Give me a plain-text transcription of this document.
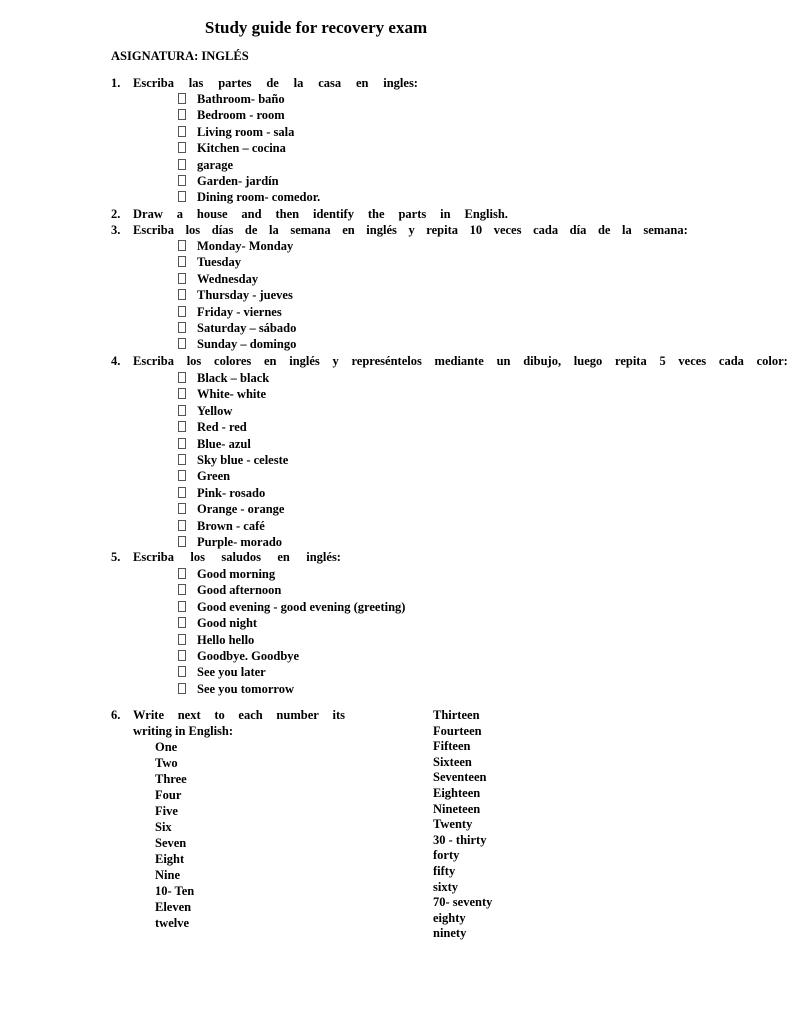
Study guide for recovery exam
ASIGNATURA: INGLÉS
1. Escriba las partes de la casa en ingles:
Bathroom- baño
Bedroom - room
Living room - sala
Kitchen – cocina
garage
Garden- jardín
Dining room- comedor.
2. Draw a house and then identify the parts in English.
3. Escriba los días de la semana en inglés y repita 10 veces cada día de la semana:
Monday- Monday
Tuesday
Wednesday
Thursday - jueves
Friday - viernes
Saturday – sábado
Sunday – domingo
4. Escriba los colores en inglés y represéntelos mediante un dibujo, luego repita 5 veces cada color:
Black – black
White- white
Yellow
Red - red
Blue- azul
Sky blue - celeste
Green
Pink- rosado
Orange - orange
Brown - café
Purple- morado
5. Escriba los saludos en inglés:
Good morning
Good afternoon
Good evening - good evening (greeting)
Good night
Hello hello
Goodbye. Goodbye
See you later
See you tomorrow
6. Write next to each number its
writing in English:
One
Two
Three
Four
Five
Six
Seven
Eight
Nine
10- Ten
Eleven
twelve
Thirteen
Fourteen
Fifteen
Sixteen
Seventeen
Eighteen
Nineteen
Twenty
30 - thirty
forty
fifty
sixty
70- seventy
eighty
ninety
